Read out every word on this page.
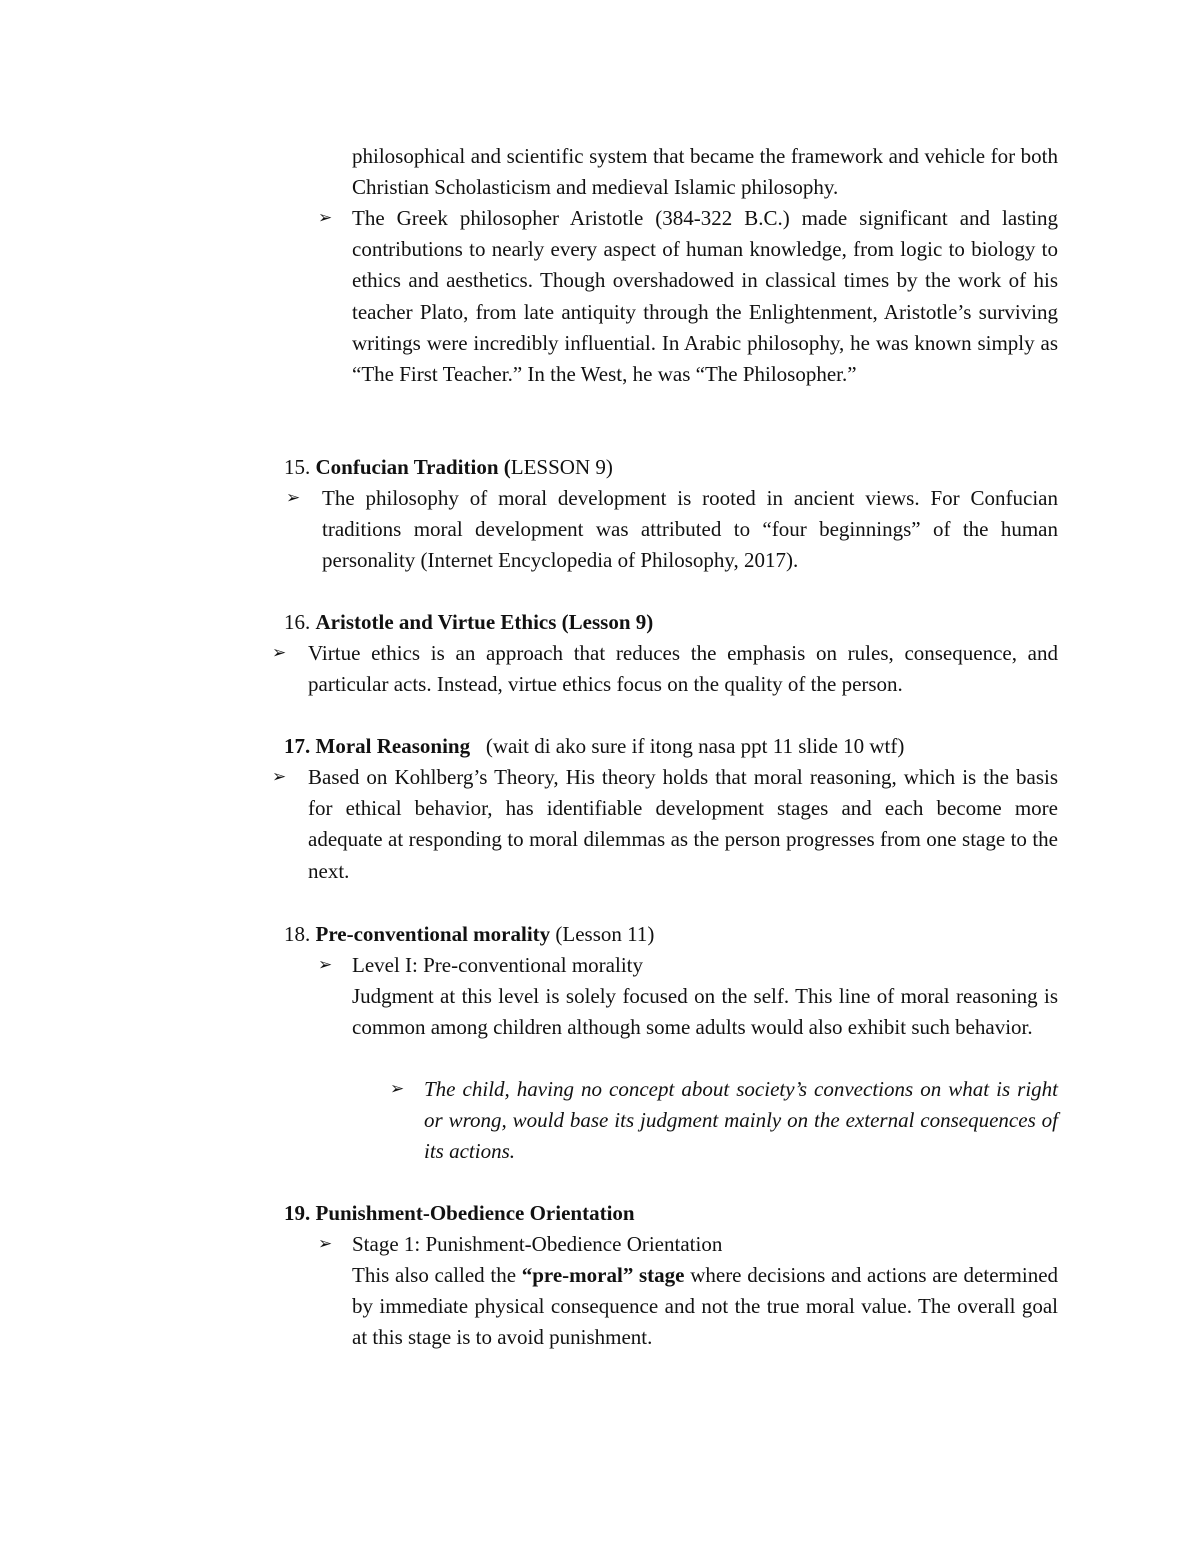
philosophical and scientific system that became the framework and vehicle for both Christian Scholasticism and medieval Islamic philosophy.
➢ The Greek philosopher Aristotle (384-322 B.C.) made significant and lasting contributions to nearly every aspect of human knowledge, from logic to biology to ethics and aesthetics. Though overshadowed in classical times by the work of his teacher Plato, from late antiquity through the Enlightenment, Aristotle’s surviving writings were incredibly influential. In Arabic philosophy, he was known simply as “The First Teacher.” In the West, he was “The Philosopher.”
15. Confucian Tradition (LESSON 9)
➢ The philosophy of moral development is rooted in ancient views. For Confucian traditions moral development was attributed to “four beginnings” of the human personality (Internet Encyclopedia of Philosophy, 2017).
16. Aristotle and Virtue Ethics (Lesson 9)
➢ Virtue ethics is an approach that reduces the emphasis on rules, consequence, and particular acts. Instead, virtue ethics focus on the quality of the person.
17. Moral Reasoning (wait di ako sure if itong nasa ppt 11 slide 10 wtf)
➢ Based on Kohlberg’s Theory, His theory holds that moral reasoning, which is the basis for ethical behavior, has identifiable development stages and each become more adequate at responding to moral dilemmas as the person progresses from one stage to the next.
18. Pre-conventional morality (Lesson 11)
➢ Level I: Pre-conventional morality
Judgment at this level is solely focused on the self. This line of moral reasoning is common among children although some adults would also exhibit such behavior.
➢ The child, having no concept about society’s convections on what is right or wrong, would base its judgment mainly on the external consequences of its actions.
19. Punishment-Obedience Orientation
➢ Stage 1: Punishment-Obedience Orientation
This also called the “pre-moral” stage where decisions and actions are determined by immediate physical consequence and not the true moral value. The overall goal at this stage is to avoid punishment.
